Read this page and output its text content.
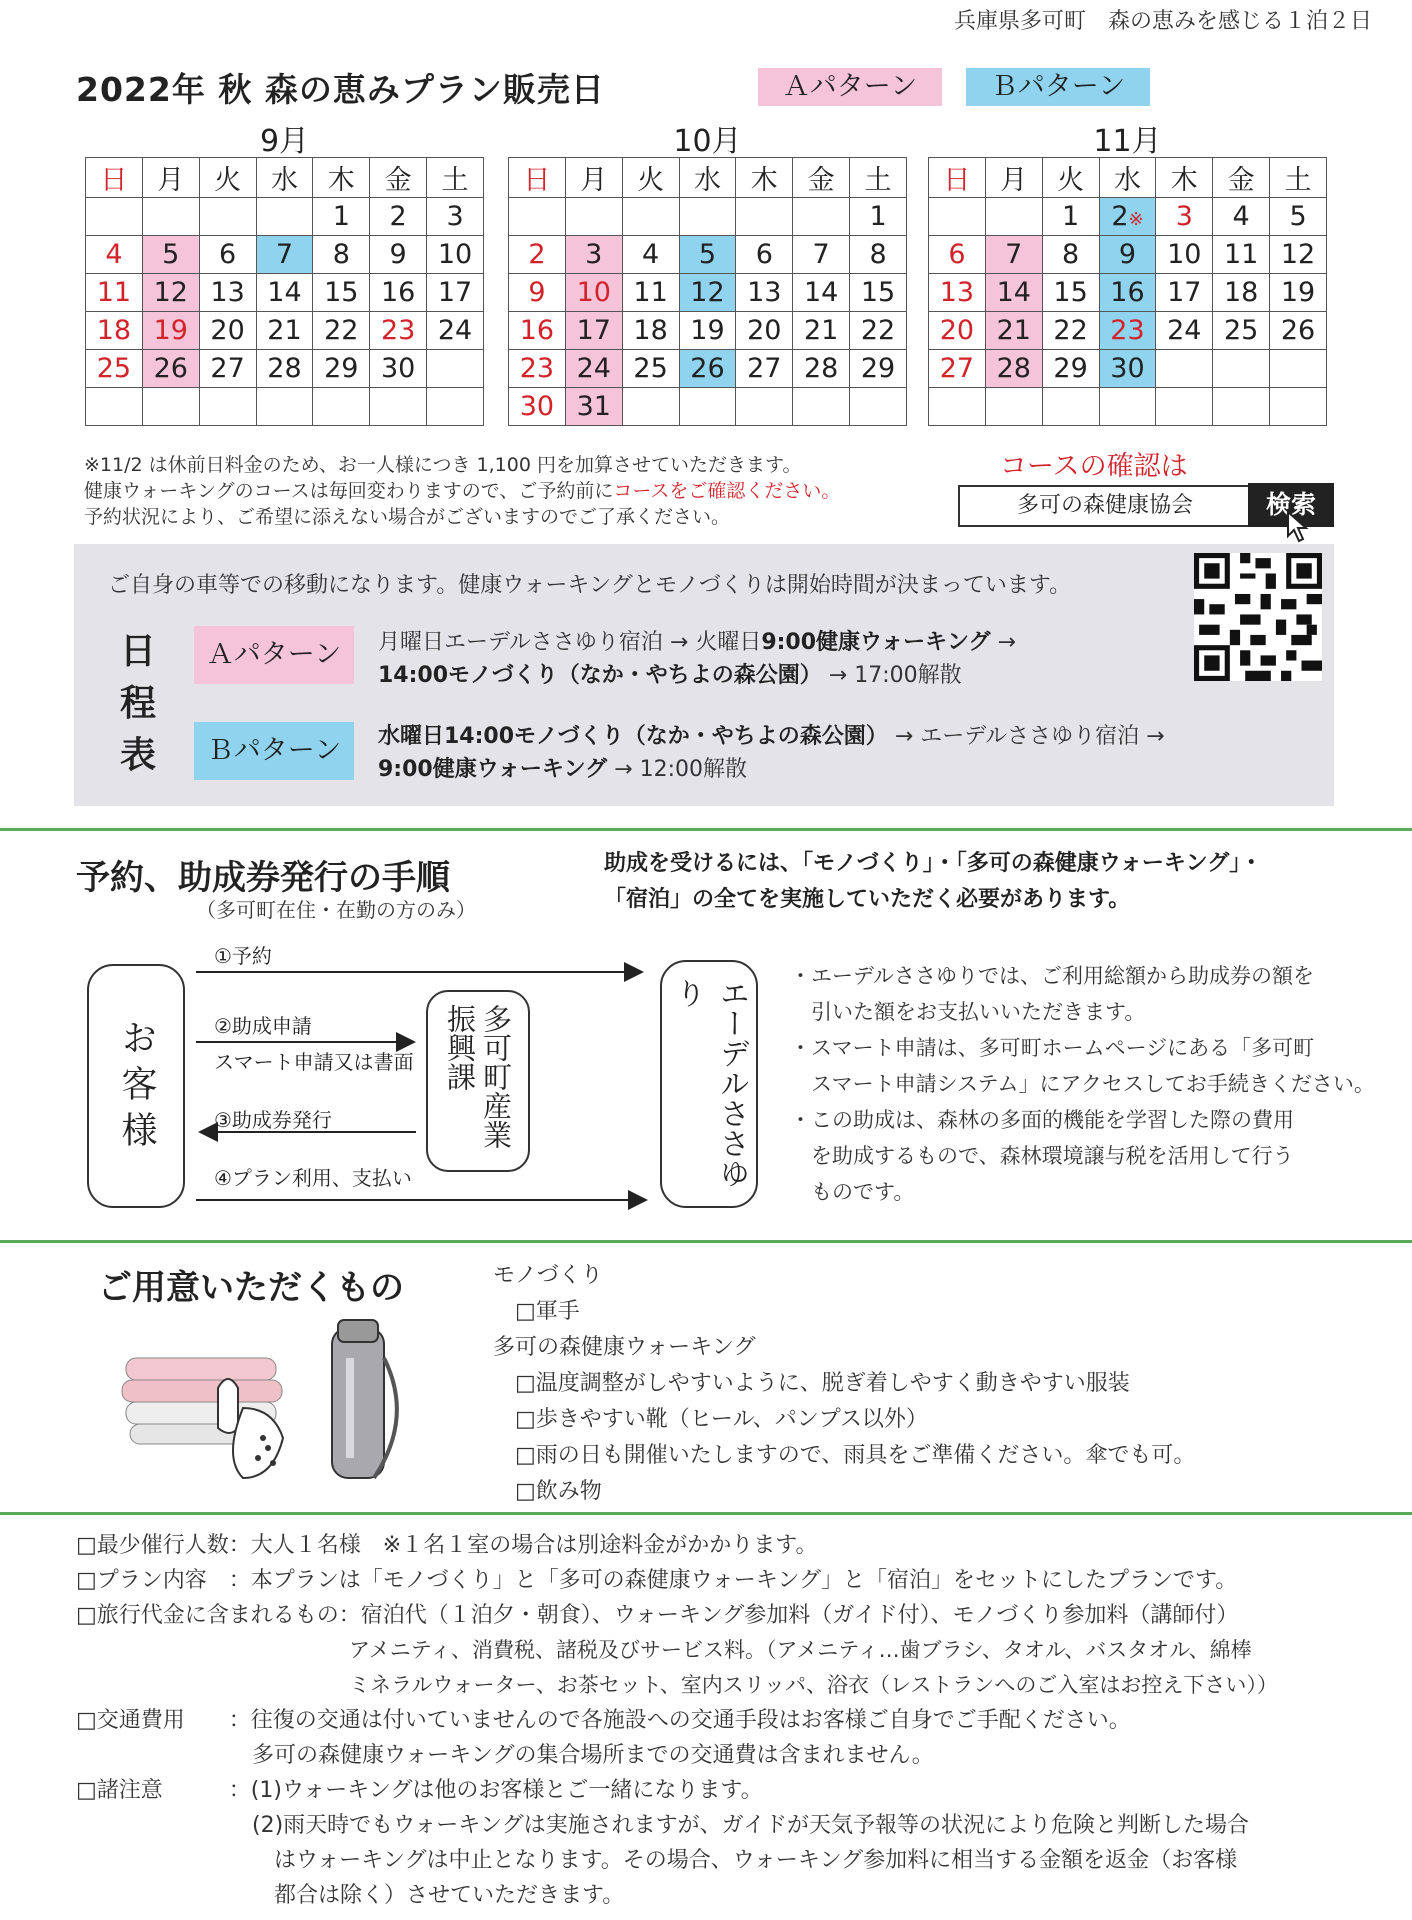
兵庫県多可町　森の恵みを感じる１泊２日
2022年 秋 森の恵みプラン販売日	Ａパターン	Ｂパターン
9月	10月	11月
日	月	火	水	木	金	土
				1	2	3
4	5	6	7	8	9	10
11	12	13	14	15	16	17
18	19	20	21	22	23	24
25	26	27	28	29	30	

日	月	火	水	木	金	土
						1
2	3	4	5	6	7	8
9	10	11	12	13	14	15
16	17	18	19	20	21	22
23	24	25	26	27	28	29
30	31					
日	月	火	水	木	金	土
		1	2※	3	4	5
6	7	8	9	10	11	12
13	14	15	16	17	18	19
20	21	22	23	24	25	26
27	28	29	30			

※11/2 は休前日料金のため、お一人様につき 1,100 円を加算させていただきます。
健康ウォーキングのコースは毎回変わりますので、ご予約前にコースをご確認ください。
予約状況により、ご希望に添えない場合がございますのでご了承ください。
コースの確認は
多可の森健康協会	検索
ご自身の車等での移動になります。健康ウォーキングとモノづくりは開始時間が決まっています。
日
程
表
Ａパターン	月曜日エーデルささゆり宿泊 → 火曜日9:00健康ウォーキング →
14:00モノづくり（なか・やちよの森公園） → 17:00解散
Ｂパターン	水曜日14:00モノづくり（なか・やちよの森公園） → エーデルささゆり宿泊 →
9:00健康ウォーキング → 12:00解散
予約、助成券発行の手順
（多可町在住・在勤の方のみ）
助成を受けるには、「モノづくり」・「多可の森健康ウォーキング」・
「宿泊」の全てを実施していただく必要があります。
お客様	多可町産業振興課	エーデルささゆり
①予約
②助成申請
スマート申請又は書面
③助成券発行
④プラン利用、支払い
・エーデルささゆりでは、ご利用総額から助成券の額を
　引いた額をお支払いいただきます。
・スマート申請は、多可町ホームページにある「多可町
　スマート申請システム」にアクセスしてお手続きください。
・この助成は、森林の多面的機能を学習した際の費用
　を助成するもので、森林環境譲与税を活用して行う
　ものです。
ご用意いただくもの	モノづくり
　□軍手
多可の森健康ウォーキング
　□温度調整がしやすいように、脱ぎ着しやすく動きやすい服装
　□歩きやすい靴（ヒール、パンプス以外）
　□雨の日も開催いたしますので、雨具をご準備ください。傘でも可。
　□飲み物
□最少催行人数：大人１名様　※１名１室の場合は別途料金がかかります。
□プラン内容　：本プランは「モノづくり」と「多可の森健康ウォーキング」と「宿泊」をセットにしたプランです。
□旅行代金に含まれるもの：宿泊代（１泊夕・朝食）、ウォーキング参加料（ガイド付）、モノづくり参加料（講師付）
　　　　　　　　　　　　　アメニティ、消費税、諸税及びサービス料。（アメニティ…歯ブラシ、タオル、バスタオル、綿棒
　　　　　　　　　　　　　ミネラルウォーター、お茶セット、室内スリッパ、浴衣（レストランへのご入室はお控え下さい））
□交通費用　　：往復の交通は付いていませんので各施設への交通手段はお客様ご自身でご手配ください。
　　　　　　　　多可の森健康ウォーキングの集合場所までの交通費は含まれません。
□諸注意　　　：(1)ウォーキングは他のお客様とご一緒になります。
　　　　　　　　(2)雨天時でもウォーキングは実施されますが、ガイドが天気予報等の状況により危険と判断した場合
　　　　　　　　　はウォーキングは中止となります。その場合、ウォーキング参加料に相当する金額を返金（お客様
　　　　　　　　　都合は除く）させていただきます。
